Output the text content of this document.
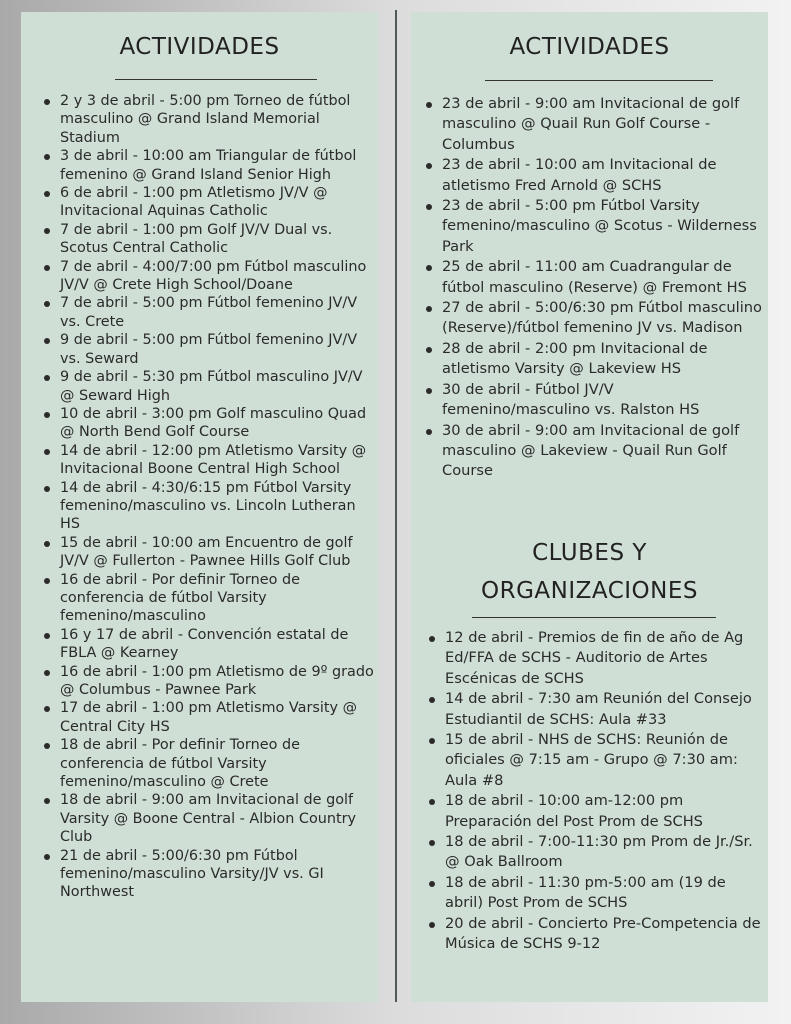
ACTIVIDADES
2 y 3 de abril - 5:00 pm Torneo de fútbol masculino @ Grand Island Memorial Stadium
3 de abril - 10:00 am Triangular de fútbol femenino @ Grand Island Senior High
6 de abril - 1:00 pm Atletismo JV/V @ Invitacional Aquinas Catholic
7 de abril - 1:00 pm Golf JV/V Dual vs. Scotus Central Catholic
7 de abril - 4:00/7:00 pm Fútbol masculino JV/V @ Crete High School/Doane
7 de abril - 5:00 pm Fútbol femenino JV/V vs. Crete
9 de abril - 5:00 pm Fútbol femenino JV/V vs. Seward
9 de abril - 5:30 pm Fútbol masculino JV/V @ Seward High
10 de abril - 3:00 pm Golf masculino Quad @ North Bend Golf Course
14 de abril - 12:00 pm Atletismo Varsity @ Invitacional Boone Central High School
14 de abril - 4:30/6:15 pm Fútbol Varsity femenino/masculino vs. Lincoln Lutheran HS
15 de abril - 10:00 am Encuentro de golf JV/V @ Fullerton - Pawnee Hills Golf Club
16 de abril - Por definir Torneo de conferencia de fútbol Varsity femenino/masculino
16 y 17 de abril - Convención estatal de FBLA @ Kearney
16 de abril - 1:00 pm Atletismo de 9º grado @ Columbus - Pawnee Park
17 de abril - 1:00 pm Atletismo Varsity @ Central City HS
18 de abril - Por definir Torneo de conferencia de fútbol Varsity femenino/masculino @ Crete
18 de abril - 9:00 am Invitacional de golf Varsity @ Boone Central - Albion Country Club
21 de abril - 5:00/6:30 pm Fútbol femenino/masculino Varsity/JV vs. GI Northwest
ACTIVIDADES
23 de abril - 9:00 am Invitacional de golf masculino @ Quail Run Golf Course - Columbus
23 de abril - 10:00 am Invitacional de atletismo Fred Arnold @ SCHS
23 de abril - 5:00 pm Fútbol Varsity femenino/masculino @ Scotus - Wilderness Park
25 de abril - 11:00 am Cuadrangular de fútbol masculino (Reserve) @ Fremont HS
27 de abril - 5:00/6:30 pm Fútbol masculino (Reserve)/fútbol femenino JV vs. Madison
28 de abril - 2:00 pm Invitacional de atletismo Varsity @ Lakeview HS
30 de abril - Fútbol JV/V femenino/masculino vs. Ralston HS
30 de abril - 9:00 am Invitacional de golf masculino @ Lakeview - Quail Run Golf Course
CLUBES Y
ORGANIZACIONES
12 de abril - Premios de fin de año de Ag Ed/FFA de SCHS - Auditorio de Artes Escénicas de SCHS
14 de abril - 7:30 am Reunión del Consejo Estudiantil de SCHS: Aula #33
15 de abril - NHS de SCHS: Reunión de oficiales @ 7:15 am - Grupo @ 7:30 am: Aula #8
18 de abril - 10:00 am-12:00 pm Preparación del Post Prom de SCHS
18 de abril - 7:00-11:30 pm Prom de Jr./Sr. @ Oak Ballroom
18 de abril - 11:30 pm-5:00 am (19 de abril) Post Prom de SCHS
20 de abril - Concierto Pre-Competencia de Música de SCHS 9-12
